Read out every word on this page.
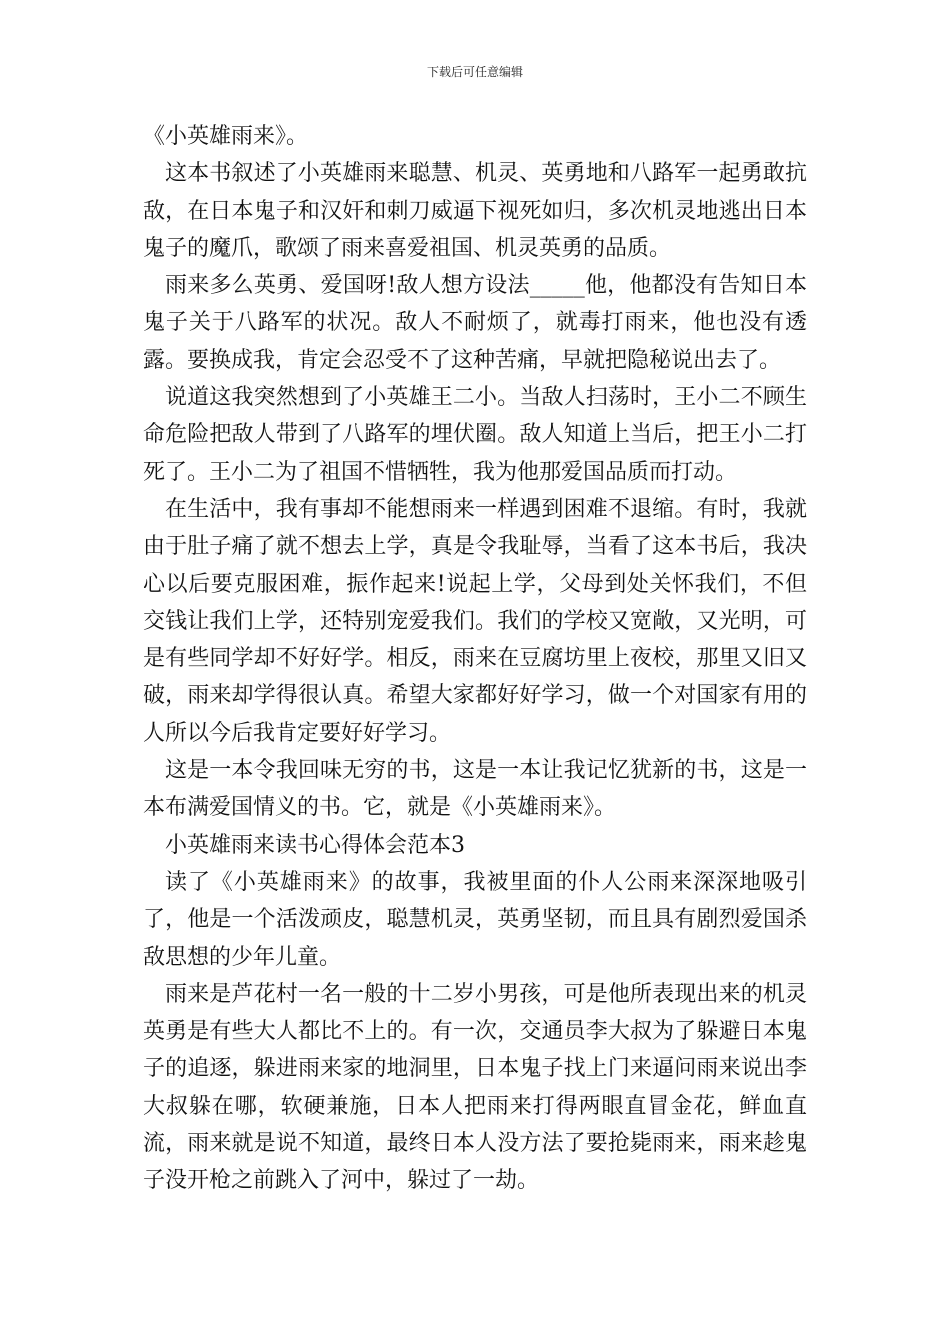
下载后可任意编辑

《小英雄雨来》。

这本书叙述了小英雄雨来聪慧、机灵、英勇地和八路军一起勇敢抗敌，在日本鬼子和汉奸和刺刀威逼下视死如归，多次机灵地逃出日本鬼子的魔爪，歌颂了雨来喜爱祖国、机灵英勇的品质。

雨来多么英勇、爱国呀!敌人想方设法_____他，他都没有告知日本鬼子关于八路军的状况。敌人不耐烦了，就毒打雨来，他也没有透露。要换成我，肯定会忍受不了这种苦痛，早就把隐秘说出去了。

说道这我突然想到了小英雄王二小。当敌人扫荡时，王小二不顾生命危险把敌人带到了八路军的埋伏圈。敌人知道上当后，把王小二打死了。王小二为了祖国不惜牺牲，我为他那爱国品质而打动。

在生活中，我有事却不能想雨来一样遇到困难不退缩。有时，我就由于肚子痛了就不想去上学，真是令我耻辱，当看了这本书后，我决心以后要克服困难，振作起来!说起上学，父母到处关怀我们，不但交钱让我们上学，还特别宠爱我们。我们的学校又宽敞，又光明，可是有些同学却不好好学。相反，雨来在豆腐坊里上夜校，那里又旧又破，雨来却学得很认真。希望大家都好好学习，做一个对国家有用的人所以今后我肯定要好好学习。

这是一本令我回味无穷的书，这是一本让我记忆犹新的书，这是一本布满爱国情义的书。它，就是《小英雄雨来》。

小英雄雨来读书心得体会范本3

读了《小英雄雨来》的故事，我被里面的仆人公雨来深深地吸引了，他是一个活泼顽皮，聪慧机灵，英勇坚韧，而且具有剧烈爱国杀敌思想的少年儿童。

雨来是芦花村一名一般的十二岁小男孩，可是他所表现出来的机灵英勇是有些大人都比不上的。有一次，交通员李大叔为了躲避日本鬼子的追逐，躲进雨来家的地洞里，日本鬼子找上门来逼问雨来说出李大叔躲在哪，软硬兼施，日本人把雨来打得两眼直冒金花，鲜血直流，雨来就是说不知道，最终日本人没方法了要抢毙雨来，雨来趁鬼子没开枪之前跳入了河中，躲过了一劫。
